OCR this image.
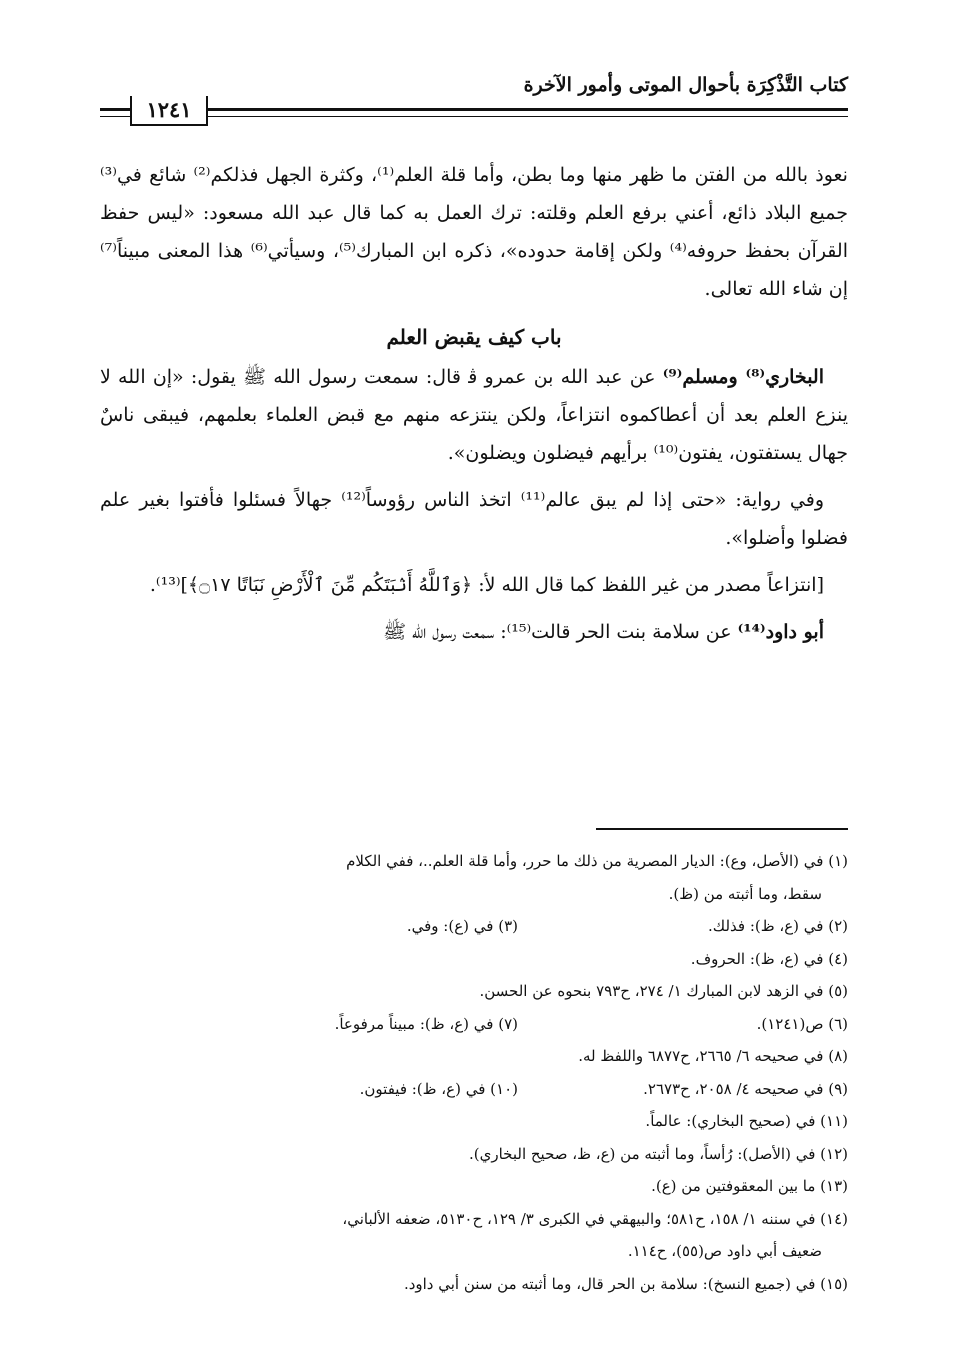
كتاب التَّذْكِرَة بأحوال الموتى وأمور الآخرة
١٢٤١

نعوذ بالله من الفتن ما ظهر منها وما بطن، وأما قلة العلم⁽¹⁾، وكثرة الجهل فذلكم⁽²⁾ شائع في⁽³⁾ جميع البلاد ذائع، أعني برفع العلم وقلته: ترك العمل به كما قال عبد الله مسعود: «ليس حفظ القرآن بحفظ حروفه⁽⁴⁾ ولكن إقامة حدوده»، ذكره ابن المبارك⁽⁵⁾، وسيأتي⁽⁶⁾ هذا المعنى مبيناً⁽⁷⁾ إن شاء الله تعالى.

باب كيف يقبض العلم

البخاري⁽⁸⁾ ومسلم⁽⁹⁾ عن عبد الله بن عمرو ﭬ قال: سمعت رسول الله ﷺ يقول: «إن الله لا ينزع العلم بعد أن أعطاكموه انتزاعاً، ولكن ينتزعه منهم مع قبض العلماء بعلمهم، فيبقى ناسٌ جهال يستفتون، يفتون⁽¹⁰⁾ برأيهم فيضلون ويضلون».

وفي رواية: «حتى إذا لم يبق عالم⁽¹¹⁾ اتخذ الناس رؤوساً⁽¹²⁾ جهالاً فسئلوا فأفتوا بغير علم فضلوا وأضلوا».

[انتزاعاً مصدر من غير اللفظ كما قال الله ﻷ: ﴿وَٱللَّهُ أَنۢبَتَكُم مِّنَ ٱلْأَرْضِ نَبَاتًا ۝١٧﴾]⁽¹³⁾.

أبو داود⁽¹⁴⁾ عن سلامة بنت الحر قالت⁽¹⁵⁾: سمعت رسول الله ﷺ

(١) في (الأصل، وع): الديار المصرية من ذلك ما حرر، وأما قلة العلم..، ففي الكلام
سقط، وما أثبته من (ظ).
(٢) في (ع، ظ): فذلك.
(٣) في (ع): وفي.
(٤) في (ع، ظ): الحروف.
(٥) في الزهد لابن المبارك ١/ ٢٧٤، ح٧٩٣ بنحوه عن الحسن.
(٦) ص(١٢٤١).
(٧) في (ع، ظ): مبيناً مرفوعاً.
(٨) في صحيحه ٦/ ٢٦٦٥، ح٦٨٧٧ واللفظ له.
(٩) في صحيحه ٤/ ٢٠٥٨، ح٢٦٧٣.
(١٠) في (ع، ظ): فيفتون.
(١١) في (صحيح البخاري): عالماً.
(١٢) في (الأصل): رُأساً، وما أثبته من (ع، ظ، صحيح البخاري).
(١٣) ما بين المعقوفتين من (ع).
(١٤) في سننه ١/ ١٥٨، ح٥٨١؛ والبيهقي في الكبرى ٣/ ١٢٩، ح٥١٣٠، ضعفه الألباني،
ضعيف أبي داود ص(٥٥)، ح١١٤.
(١٥) في (جميع النسخ): سلامة بن الحر قال، وما أثبته من سنن أبي داود.
